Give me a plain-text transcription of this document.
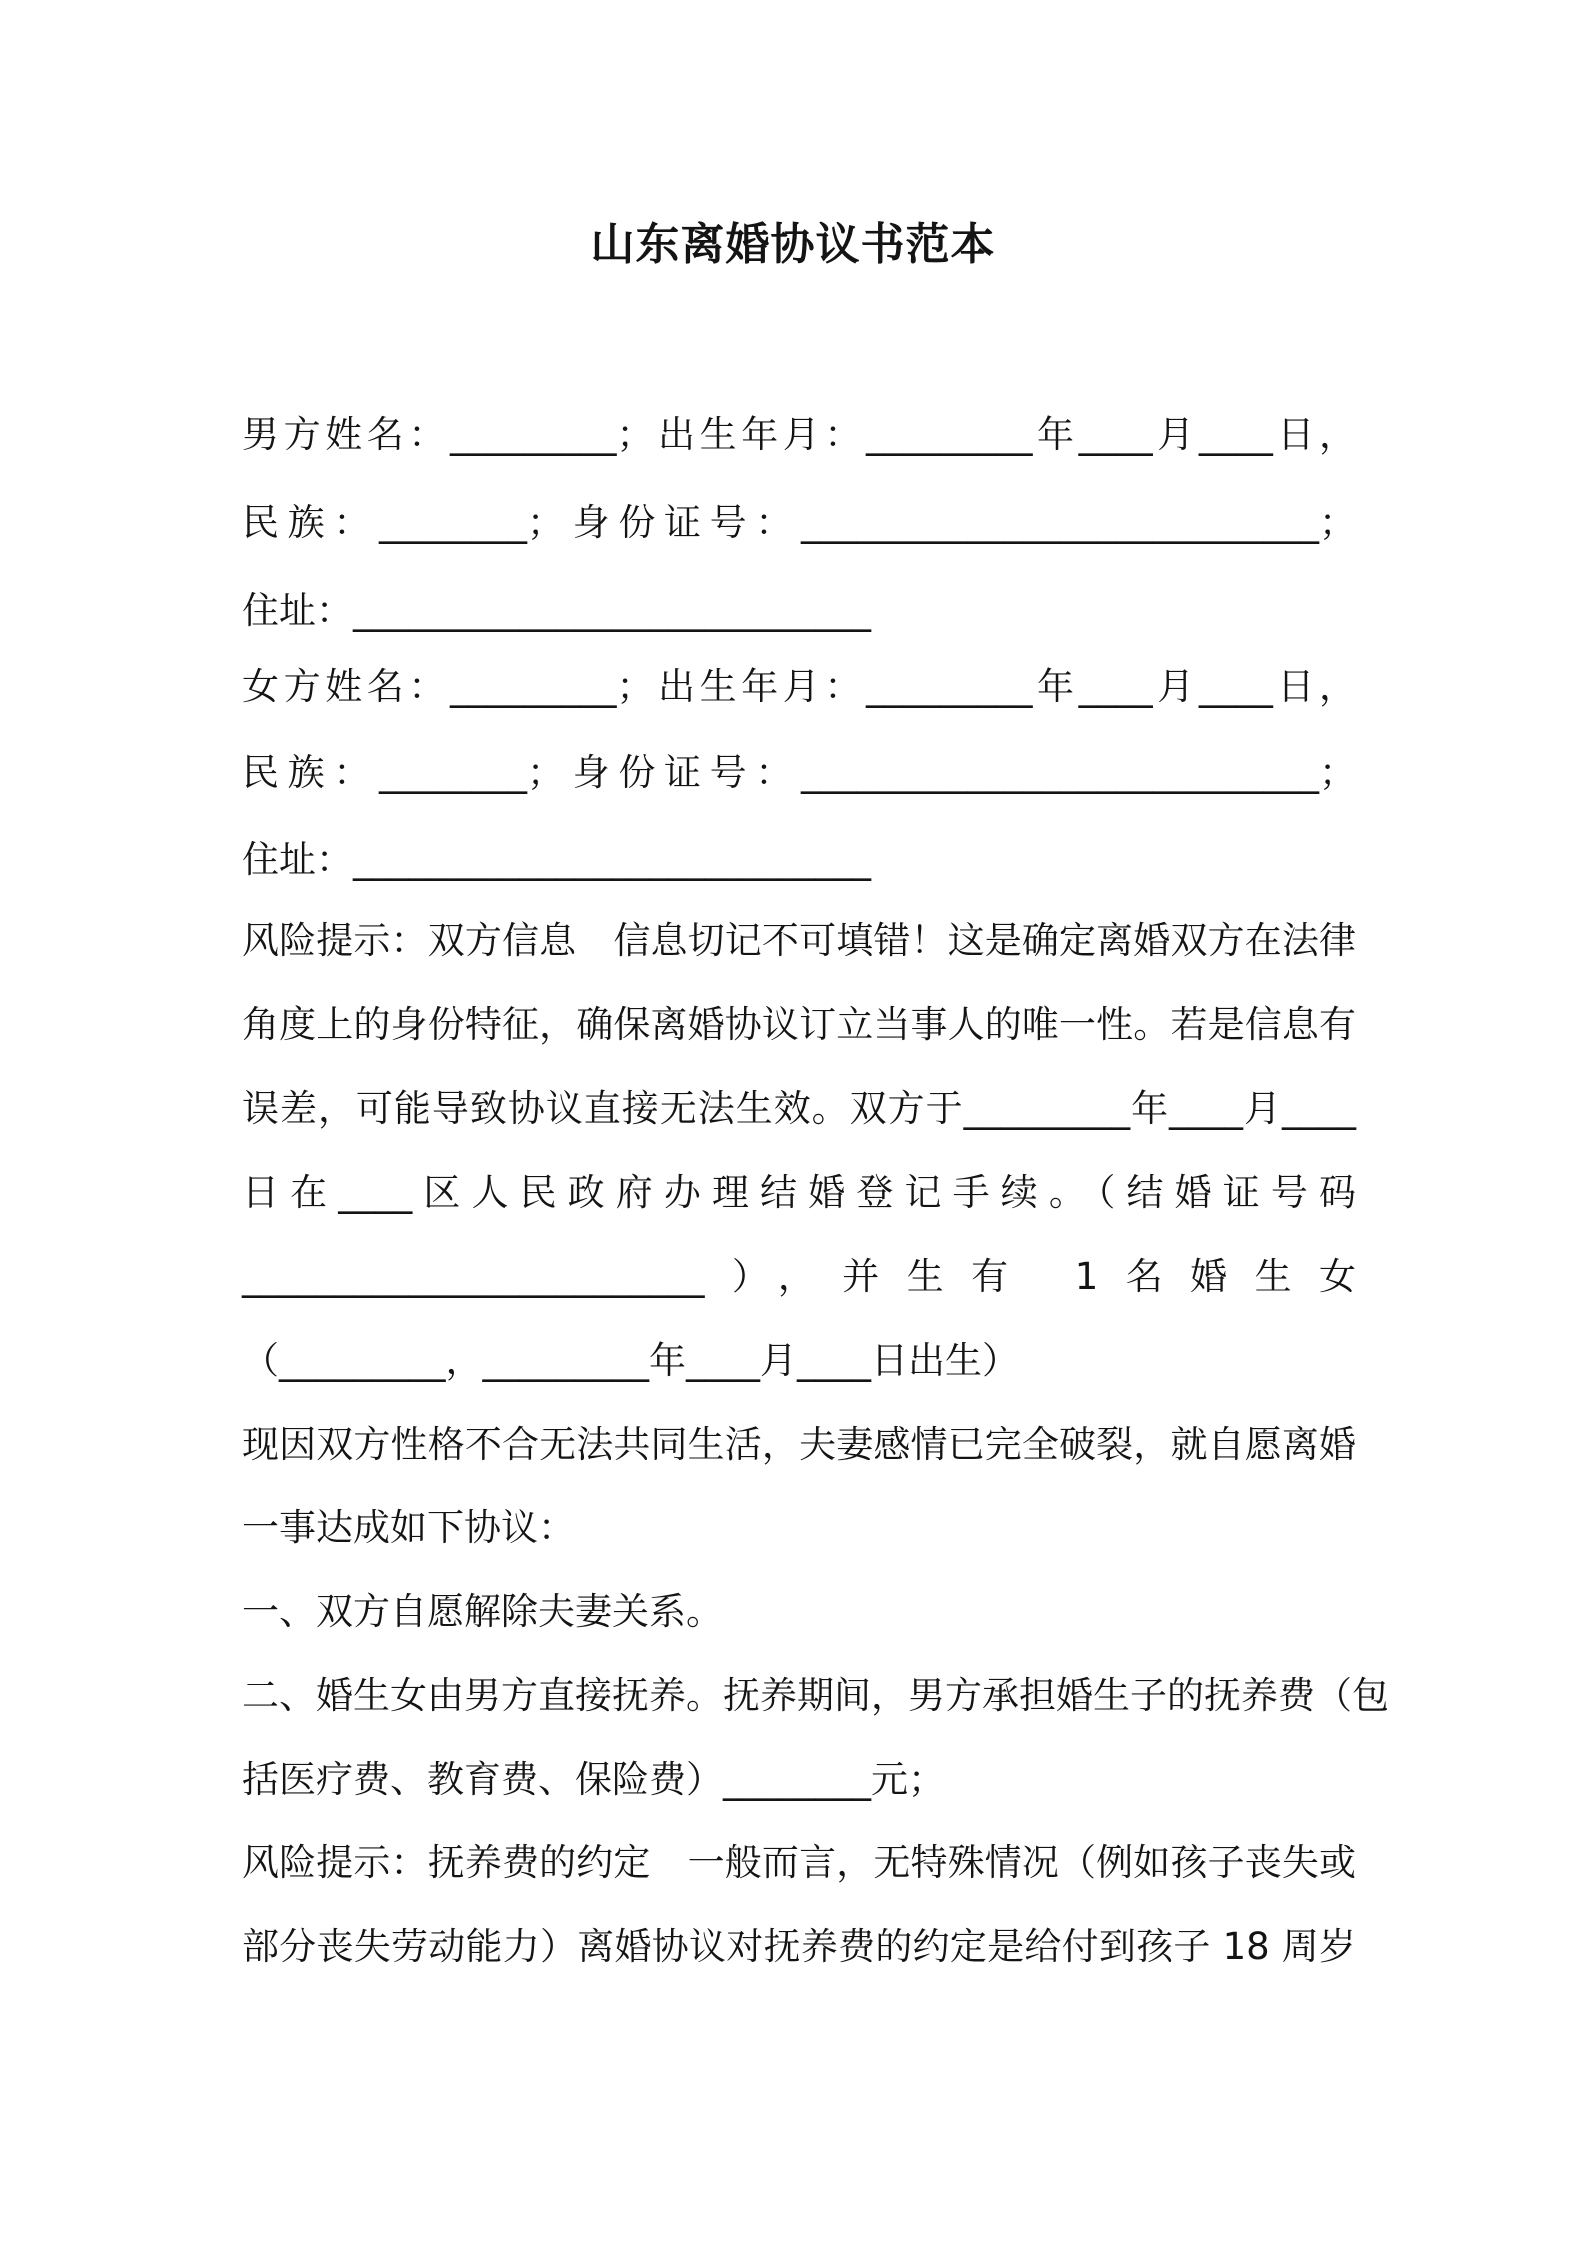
山东离婚协议书范本

男方姓名：_________；出生年月：_________年____月____日，

民族：________；身份证号：____________________________；

住址：____________________________

女方姓名：_________；出生年月：_________年____月____日，

民族：________；身份证号：____________________________；

住址：____________________________

风险提示：双方信息　信息切记不可填错！这是确定离婚双方在法律

角度上的身份特征，确保离婚协议订立当事人的唯一性。若是信息有

误差，可能导致协议直接无法生效。双方于_________年____月____

日在____区人民政府办理结婚登记手续。（结婚证号码

_________________________），并生有 1名婚生女

（_________，_________年____月____日出生）

现因双方性格不合无法共同生活，夫妻感情已完全破裂，就自愿离婚

一事达成如下协议：

一、双方自愿解除夫妻关系。

二、婚生女由男方直接抚养。抚养期间，男方承担婚生子的抚养费（包

括医疗费、教育费、保险费）________元；

风险提示：抚养费的约定　一般而言，无特殊情况（例如孩子丧失或

部分丧失劳动能力）离婚协议对抚养费的约定是给付到孩子 18 周岁
